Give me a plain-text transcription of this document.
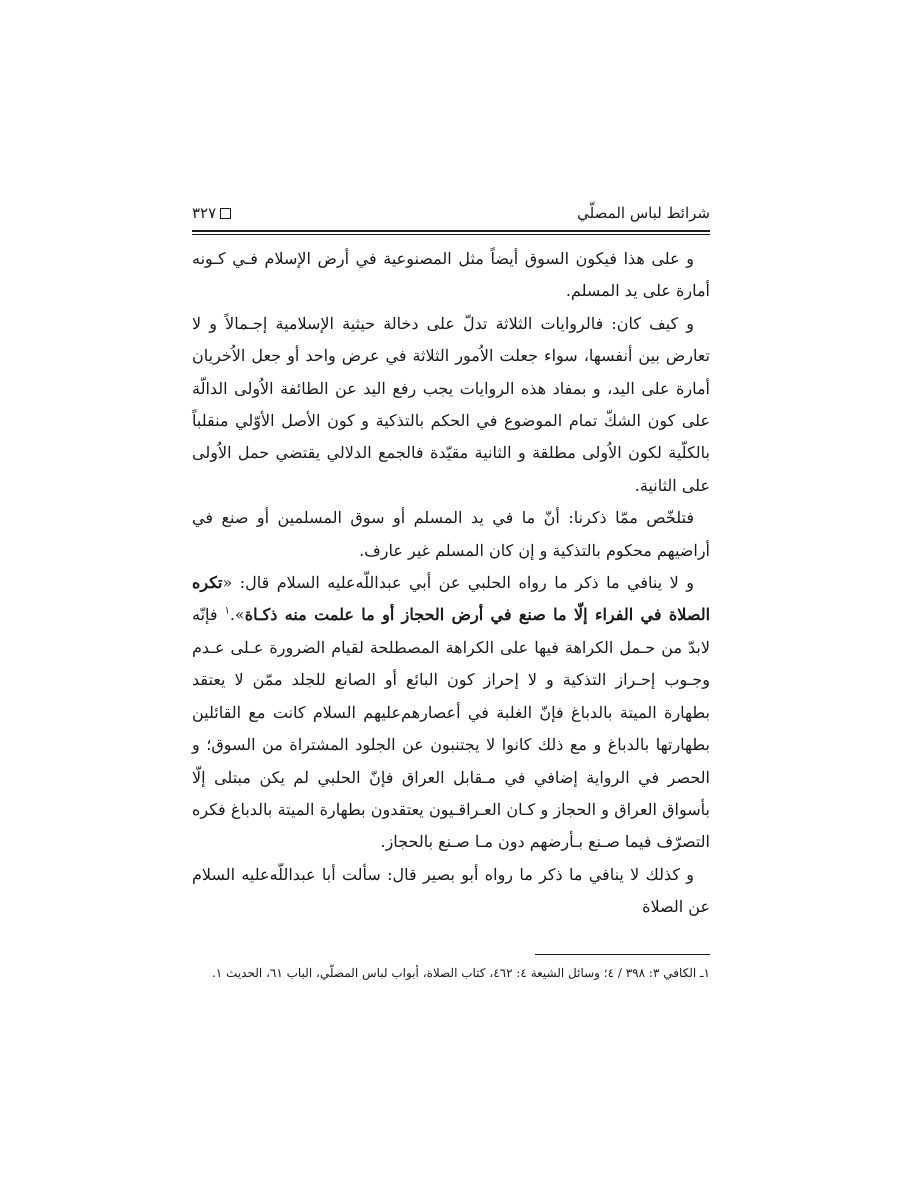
شرائط لباس المصلّي
٣٢٧

و على هذا فيكون السوق أيضاً مثل المصنوعية في أرض الإسلام فـي كـونه أمارة على يد المسلم.

و كيف كان: فالروايات الثلاثة تدلّ على دخالة حيثية الإسلامية إجـمالاً و لا تعارض بين أنفسها، سواء جعلت الاُمور الثلاثة في عرض واحد أو جعل الاُخريان أمارة على اليد، و بمفاد هذه الروايات يجب رفع اليد عن الطائفة الاُولى الدالّة على كون الشكّ تمام الموضوع في الحكم بالتذكية و كون الأصل الأوّلي منقلباً بالكلّية لكون الاُولى مطلقة و الثانية مقيّدة فالجمع الدلالي يقتضي حمل الاُولى على الثانية.

فتلخّص ممّا ذكرنا: أنّ ما في يد المسلم أو سوق المسلمين أو صنع في أراضيهم محكوم بالتذكية و إن كان المسلم غير عارف.

و لا ينافي ما ذكر ما رواه الحلبي عن أبي عبداللّه‌عليه السلام قال: «تكره الصلاة في الفراء إلّا ما صنع في أرض الحجاز أو ما علمت منه ذكـاة».$^١$ فإنّه لابدّ من حـمل الكراهة فيها على الكراهة المصطلحة لقيام الضرورة عـلى عـدم وجـوب إحـراز التذكية و لا إحراز كون البائع أو الصانع للجلد ممّن لا يعتقد بطهارة الميتة بالدباغ فإنّ الغلبة في أعصارهم‌عليهم السلام كانت مع القائلين بطهارتها بالدباغ و مع ذلك كانوا لا يجتنبون عن الجلود المشتراة من السوق؛ و الحصر في الرواية إضافي في مـقابل العراق فإنّ الحلبي لم يكن مبتلى إلّا بأسواق العراق و الحجاز و كـان العـراقـيون يعتقدون بطهارة الميتة بالدباغ فكره التصرّف فيما صـنع بـأرضهم دون مـا صـنع بالحجاز.

و كذلك لا ينافي ما ذكر ما رواه أبو بصير قال: سألت أبا عبداللّه‌عليه السلام عن الصلاة

١ـ الكافي ٣: ٣٩٨ / ٤؛ وسائل الشيعة ٤: ٤٦٢، كتاب الصلاة، أبواب لباس المصلّي، الباب ٦١، الحديث ١.
